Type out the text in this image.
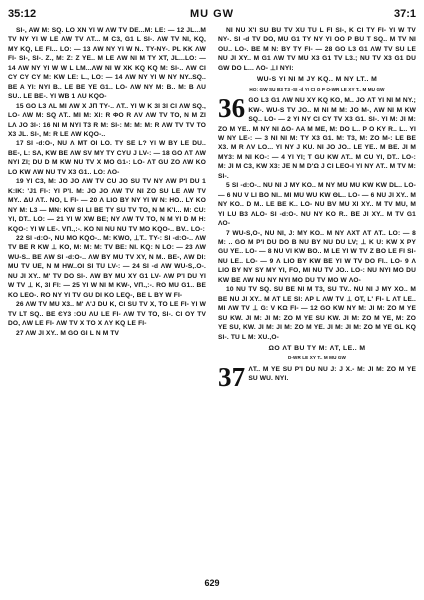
35:12	MU GW	37:1

SI-, AW M: SQ. LO XN YI W ΛW TV DE...M: LE: — 12 JL...M TV NY YI W LE ΛW TV ΛT... M C3, G1 L SI-. ΛW TV NI, KQ, MY KQ, LE FI... LO: — 13 ΛW NY YI W N.. TY-NY-. PL KK ΛW FI- SI-, SI-. Z., M: Z: Z YE.. M LE ΛW NI M TY XT, JL...LO: — 14 ΛW NY YI W W L LM...ΛW NI W XK KQ KQ M: SI-.. ΛW CI CY CY CY M: KW LE: L., LO: — 14 ΛW NY YI W NY NY..SQ.. BE A YI: NYI B.. LE BE YE G1.. LO- ΛW NY M: B.. M: B ΛU SU.. LE BE-. YI WB 1 ΛU KQO-

15 GO L3 ΛL MI ΛW X JΠ TY-.. ΛT.. YI W K 3I 3I CI ΛW SQ., LO- ΛW M: SQ ΛT.. MI M: XI: R ΦO R ΛV ΛW TV TO, N M ZI LΛ JO 3I-: 16 NI M NYI T3 R M: SI-: M: M: M: R ΛW TV TV TO X3 JL. SI-, M: R LE ΛW KQO-..

17 SI -d:O-, NU Λ MT OI LO. TY SE L? YI W BY LE DU.. BE-, L: SΛ, KW BE ΛW SV MY TY CYU J LV-: — 18 GO ΛT ΛW NYI ZI; DU D M KW NU TV X MO G1-: LO- ΛT GU ZO ΛW KO LO KW ΛW NU TV X3 G1.. LO: ΛO-

19 YI C3, M: JO JO ΛW TV CU JO SU TV NY ΛW P'I DU 1 K:IK: 'J1 FI-: YI P'I. M: JO JO ΛW TV NI ZO SU LE ΛW TV MY.. ΔU ΛT.. NO, L FI- — 20 Λ LIO BY NY YI W N: HO.. LY KO NY M: L3 — MN: KW SI LI BE TY SU TV TO, N M K'I... M: CU: YI, DT.. LO: — 21 YI W XW BE; NY ΛW TV TO, N M YI D M H: KQO-: YI W LE-. VΠ.,:-. KO NI NU NU TV MO KQO-.. BV.. LO-:

22 SI -d:O-, NU MO KQO-.. M: KWO, ⊥T.. TY-: SI -d:O-.. ΛW TV BE R KW ⊥ KO, M: M: M: TV BE: NI. KQ: N LO: — 23 ΛW WU-S.. BE ΛW SI -d:O-.. ΛW BY MU TV XY, N M.. BE-, ΛW DI: MU TV UE, N M HW..OI SI TU LV-: — 24 SI -d ΛW WU-S,.O-. NU JI XY.. M' TV DO SI-. ΛW BY MU XY G1 LV- ΛW P'I DU YI W TV ⊥ K, 3I FI: — 25 YI W NI M KW-, VΠ.,:-. RO MU G1.. BE KO LEO-. RO NY YI TV GU DI KO LEQ-, BE L BY W FI-

26 ΛW TV MU X3.. M' Λ'J DU K, CI SU TV X, TO LE FI- YI W TV LT SQ.. BE ЄY3 :OU ΛU LE FI- ΛW TV TO, SI-. CI OY TV DO, ΛW LE FI- ΛW TV X TO X ΛY KQ LE FI-

27 ΛW JI XY.. M GO GI L N M TV

NI NU X'I SU BU TV XU TU L FI SI-, K CI TY FI- YI W TV NY-. SI -d TV DO, MU G1 TY NY YI OO P BU T SQ.. M TV NI OU.. LO-. BE M N: BY TY FI- — 28 GO L3 G1 ΛW TV SU LE NU JI XY.. M G1 ΛW TV MU X3 G1 TV L3.; NU TV X3 G1 DU GW DO L... ΛO- ⊥I NYI:

WU-S YI NI M JY KQ.. M NY LT.. M
HO: GW SU B3 T3 -SI -d YI CI O P O-WR LE XY T.. M MU GW
36 GO L3 G1 ΛW NU XY KQ KO, M.. JO ΛT YI NI M NY.; KW-. WU-S TV JO.. M NI M M: JO M-, ΛW NI M KW SQ.. LO- — 2 YI NY CI CY TV X3 G1. SI-. YI M: JI M: ZO M YE.. M NY NI ΔO- ΛA M ME, M: DO L.. P O KY R.. L.. YI W NY LE-: — 3 NI NI M: TY X3 G1. M: T3, M: ZO M-: LE BE X3. M R ΛV LO... YI NY J KU. NI JO JO.. LE YE.. M BE. JI M MY3: M NI KO-: — 4 YI YI; T GU KW ΛT.. M CU YI, DT.. LO-: M: JI M C3, KW X3: JE N M D'Ω J CI LEO-I YI NY ΛT.. M TV M: SI-.

5 SI -d:O-.. NU NI J MY KO.. M NY MU MU KW KW DL.. LO- — 6 NU V LI BO NI.. MI MU WU KW ΘL.. LO- — 6 NU JI XY.. M NY KO.. D M.. LE BE K.. LO- NU BV MU XI XY.. M TV MU, M YI LU B3 ΛLO- SI -d:O-. NU NY KO R.. BE JI XY.. M TV G1 ΛO-

7 WU-S,O-, NU NI, J: MY KO.. M NY ΛXT ΛT ΛT.. LO: — 8 M: .. GO M P'I DU DO B NU BY NU DU LV; ⊥ K U: KW X PY GU YE.. LO- — 8 NU VI KW BO.. M LE YI W TV Z BO LE FI SI- NU LE.. LO- — 9 Λ LIO BY KW BE YI W TV DO FI.. LO- 9 Λ LIO BY NY SY MY YI, FO, MI NU TV JO.. LO-: NU NYI MO DU KW BE ΛW NU NY NYI MO DU TV MO W ΛO-

10 NU TV SQ. SU BE NI M T3, SU TV.. NU NI J MY XO.. M BE NU JI XY.. M ΛT LE SI: ΛP L ΛW TV ⊥ OT, L' FI- L ΛT LE.. MI ΛW TV ⊥ G: V KΩ FI- — 12 GO KW NY M: JI M: ZO M YE SU KW. JI M: JI M: ZO M YE SU KW. JI M: ZO M YE, M: ZO YE SU, KW. JI M: JI M: ZO M YE. JI M: JI M: ZO M YE GL KQ SI-. TU L M: XU.,O-

ΩO ΛT BU TY M: ΛT, LE.. M
D-WR LE XY T.. M MU GW
37 ΛT.. M YE SU P'I DU NU J: J X.- M: JI M: ZO M YE SU WU. NYI.

629
